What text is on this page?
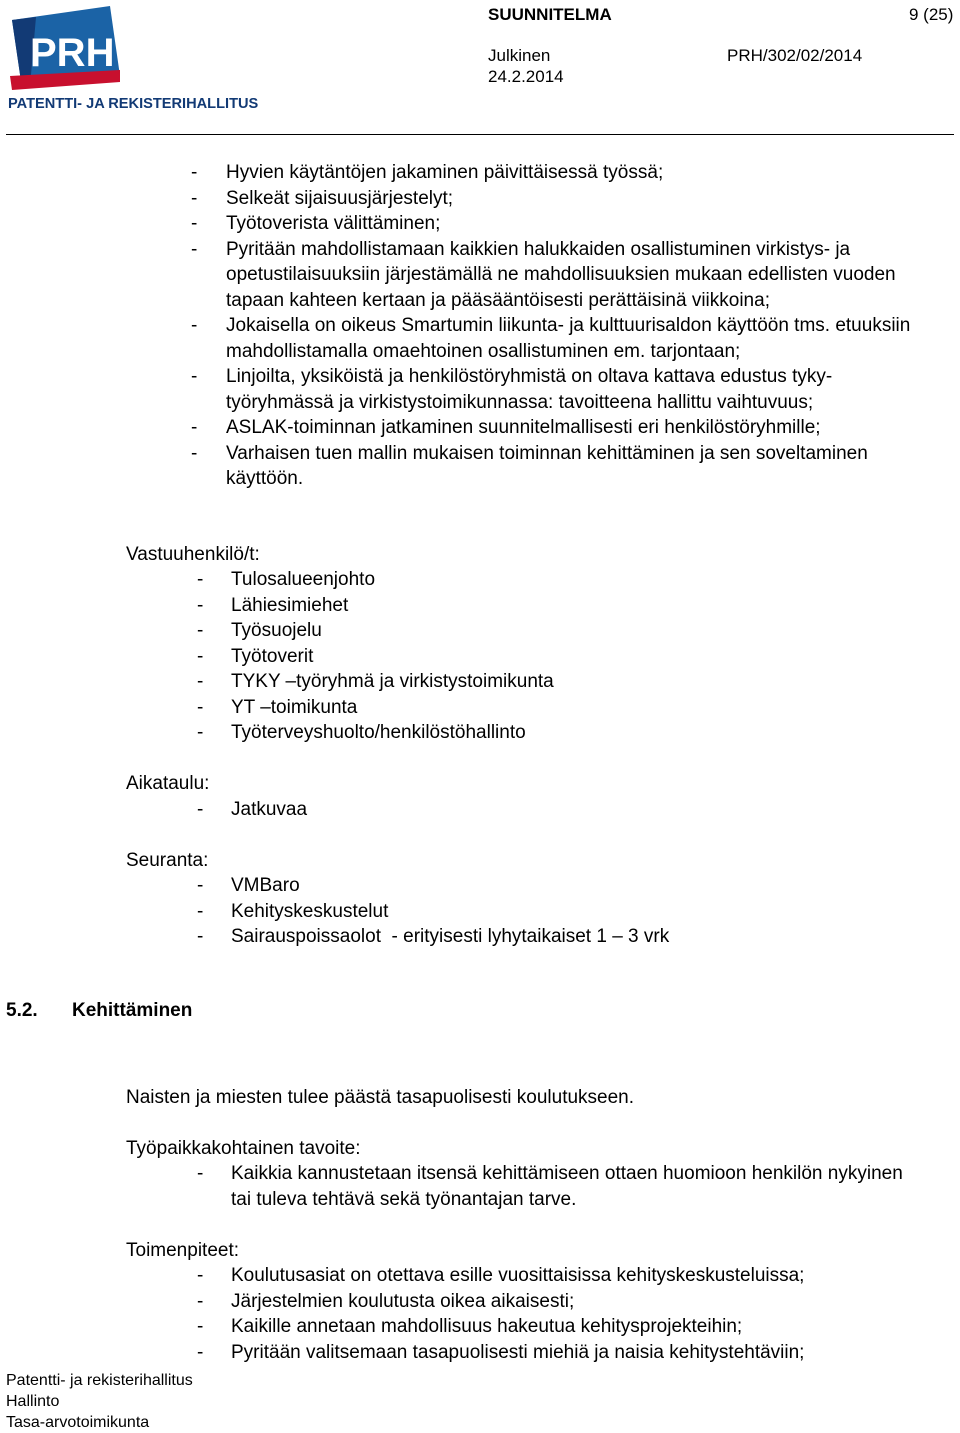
PRH
PATENTTI- JA REKISTERIHALLITUS
SUUNNITELMA	9 (25)
Julkinen	PRH/302/02/2014
24.2.2014
- Hyvien käytäntöjen jakaminen päivittäisessä työssä;
- Selkeät sijaisuusjärjestelyt;
- Työtoverista välittäminen;
- Pyritään mahdollistamaan kaikkien halukkaiden osallistuminen virkistys- ja opetustilaisuuksiin järjestämällä ne mahdollisuuksien mukaan edellisten vuoden tapaan kahteen kertaan ja pääsääntöisesti perättäisinä viikkoina;
- Jokaisella on oikeus Smartumin liikunta- ja kulttuurisaldon käyttöön tms. etuuksiin mahdollistamalla omaehtoinen osallistuminen em. tarjontaan;
- Linjoilta, yksiköistä ja henkilöstöryhmistä on oltava kattava edustus tyky-työryhmässä ja virkistystoimikunnassa: tavoitteena hallittu vaihtuvuus;
- ASLAK-toiminnan jatkaminen suunnitelmallisesti eri henkilöstöryhmille;
- Varhaisen tuen mallin mukaisen toiminnan kehittäminen ja sen soveltaminen käyttöön.
Vastuuhenkilö/t:
- Tulosalueenjohto
- Lähiesimiehet
- Työsuojelu
- Työtoverit
- TYKY –työryhmä ja virkistystoimikunta
- YT –toimikunta
- Työterveyshuolto/henkilöstöhallinto
Aikataulu:
- Jatkuvaa
Seuranta:
- VMBaro
- Kehityskeskustelut
- Sairauspoissaolot  - erityisesti lyhytaikaiset 1 – 3 vrk
5.2. Kehittäminen
Naisten ja miesten tulee päästä tasapuolisesti koulutukseen.
Työpaikkakohtainen tavoite:
- Kaikkia kannustetaan itsensä kehittämiseen ottaen huomioon henkilön nykyinen tai tuleva tehtävä sekä työnantajan tarve.
Toimenpiteet:
- Koulutusasiat on otettava esille vuosittaisissa kehityskeskusteluissa;
- Järjestelmien koulutusta oikea aikaisesti;
- Kaikille annetaan mahdollisuus hakeutua kehitysprojekteihin;
- Pyritään valitsemaan tasapuolisesti miehiä ja naisia kehitystehtäviin;
Patentti- ja rekisterihallitus
Hallinto
Tasa-arvotoimikunta
